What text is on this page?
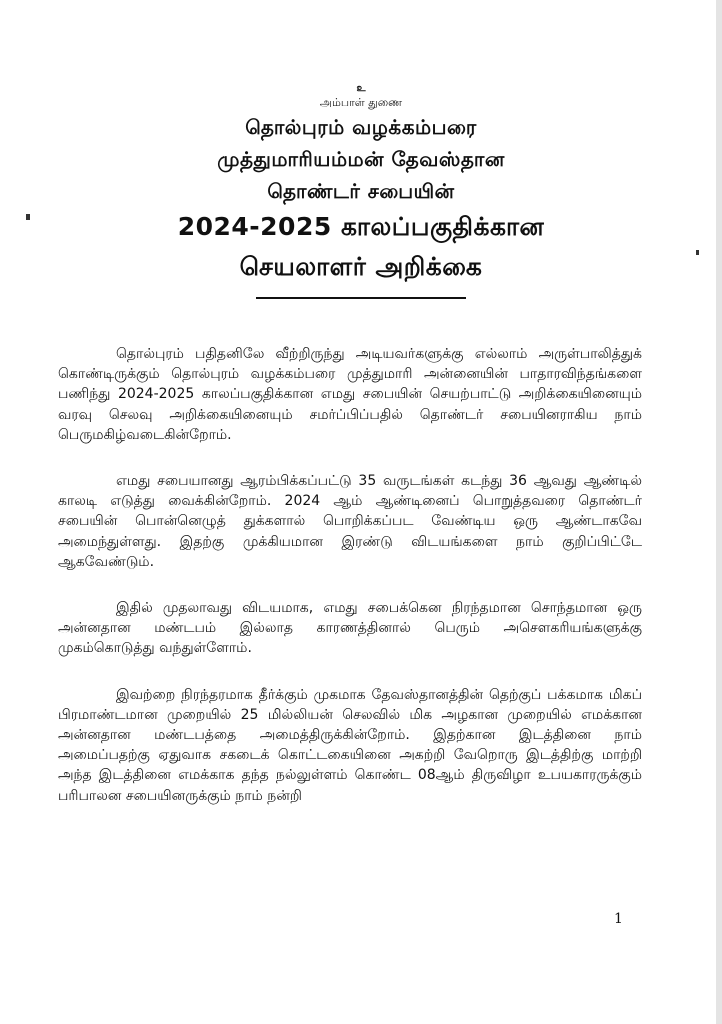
உ
அம்பாள் துணை
தொல்புரம் வழக்கம்பரை
முத்துமாரியம்மன் தேவஸ்தான
தொண்டர் சபையின்
2024-2025 காலப்பகுதிக்கான
செயலாளர் அறிக்கை

தொல்புரம் பதிதனிலே வீற்றிருந்து அடியவர்களுக்கு எல்லாம் அருள்பாலித்துக் கொண்டிருக்கும் தொல்புரம் வழக்கம்பரை முத்துமாரி அன்னையின் பாதாரவிந்தங்களை பணிந்து 2024-2025 காலப்பகுதிக்கான எமது சபையின் செயற்பாட்டு அறிக்கையினையும் வரவு செலவு அறிக்கையினையும் சமர்ப்பிப்பதில் தொண்டர் சபையினராகிய நாம் பெருமகிழ்வடைகின்றோம்.

எமது சபையானது ஆரம்பிக்கப்பட்டு 35 வருடங்கள் கடந்து 36 ஆவது ஆண்டில் காலடி எடுத்து வைக்கின்றோம். 2024 ஆம் ஆண்டினைப் பொறுத்தவரை தொண்டர் சபையின் பொன்னெழுத் துக்களால் பொறிக்கப்பட வேண்டிய ஒரு ஆண்டாகவே அமைந்துள்ளது. இதற்கு முக்கியமான இரண்டு விடயங்களை நாம் குறிப்பிட்டே ஆகவேண்டும்.

இதில் முதலாவது விடயமாக, எமது சபைக்கென நிரந்தமான சொந்தமான ஒரு அன்னதான மண்டபம் இல்லாத காரணத்தினால் பெரும் அசௌகரியங்களுக்கு முகம்கொடுத்து வந்துள்ளோம்.

இவற்றை நிரந்தரமாக தீர்க்கும் முகமாக தேவஸ்தானத்தின் தெற்குப் பக்கமாக மிகப் பிரமாண்டமான முறையில் 25 மில்லியன் செலவில் மிக அழகான முறையில் எமக்கான அன்னதான மண்டபத்தை அமைத்திருக்கின்றோம். இதற்கான இடத்தினை நாம் அமைப்பதற்கு ஏதுவாக சகடைக் கொட்டகையினை அகற்றி வேறொரு இடத்திற்கு மாற்றி அந்த இடத்தினை எமக்காக தந்த நல்லுள்ளம் கொண்ட 08ஆம் திருவிழா உபயகாரருக்கும் பரிபாலன சபையினருக்கும் நாம் நன்றி

1
